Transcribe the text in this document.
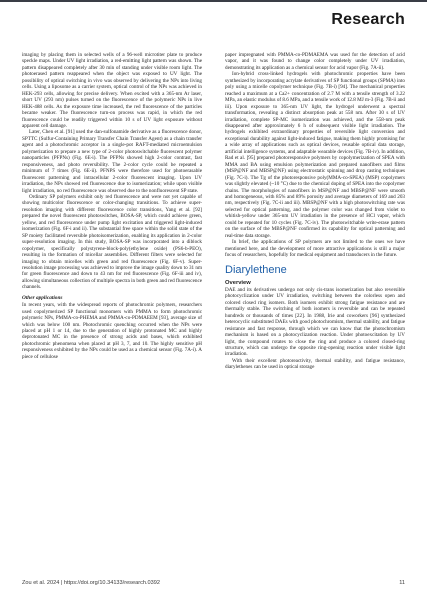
Research

imaging by placing them in selected wells of a 96-well microtiter plate to produce speckle maps. Under UV light irradiation, a red-emitting light pattern was shown. The pattern disappeared completely after 30 min of standing under visible room light. The photoerased pattern reappeared when the object was exposed to UV light. The possibility of optical switching in vivo was observed by delivering the NPs into living cells. Using a liposome as a carrier system, optical control of the NPs was achieved in HEK-293 cells, allowing for precise delivery. When excited with a 365-nm Ar laser, short UV (293 nm) pulses turned on the fluorescence of the polymeric NPs in live HEK-488 cells. As the exposure time increased, the red fluorescence of the particles became weaker. The fluorescence turn-on process was rapid, in which the red fluorescence could be readily triggered within 10 s of UV light exposure without apparent cell damage.

Later, Chen et al. [91] used the dan-sulfonamide derivative as a fluorescence donor, SPTTC (Sulfur-Containing Primary Transfer Chain Transfer Agent) as a chain transfer agent and a photochromic acceptor in a single-pot RAFT-mediated microemulsion polymerization to prepare a new type of 2-color photoswitchable fluorescent polymer nanoparticles (PFPNs) (Fig. 6E-i). The PFPNs showed high 2-color contrast, fast responsiveness, and photo reversibility. The 2-color cycle could be repeated a minimum of 7 times (Fig. 6E-ii). PFNPS were therefore used for photoerasable fluorescent patterning and intracellular 2-color fluorescent imaging. Upon UV irradiation, the NPs showed red fluorescence due to isomerization; while upon visible light irradiation, no red fluorescence was observed due to the nonfluorescent SP state.

Ordinary SP polymers exhibit only red fluorescence and were not yet capable of showing multicolor fluorescence or color-changing transitions. To achieve super-resolution imaging with different fluorescence color transitions, Yang et al. [92] prepared the novel fluorescent photoswitches, BOSA-SP, which could achieve green, yellow, and red fluorescence under pump light excitation and triggered light-induced isomerization (Fig. 6F-i and ii). The substantial free space within the solid state of the SP moiety facilitated reversible photoisomerization, enabling its application in 2-color super-resolution imaging. In this study, BOSA-SP was incorporated into a diblock copolymer, specifically polystyrene-block-poly(ethylene oxide) (PS6-b-PEO), resulting in the formation of micellar assemblies. Different filters were selected for imaging to obtain micelles with green and red fluorescence (Fig. 6F-v). Super-resolution image processing was achieved to improve the image quality down to 31 nm for green fluorescence and down to 43 nm for red fluorescence (Fig. 6F-iii and iv), allowing simultaneous collection of multiple spectra in both green and red fluorescence channels.

Other applications

In recent years, with the widespread reports of photochromic polymers, researchers used copolymerized SP functional monomers with PMMA to form photochromic polymeric NPs, PMMA-co-PHEMA and PMMA-co-PDMAEEM [93], average size of which was below 100 nm. Photochromic quenching occurred when the NPs were placed at pH 1 or 14, due to the generation of highly protonated MC and highly deprotonated MC in the presence of strong acids and bases, which exhibited photochromic phenomena when placed at pH 3, 7, and 10. The highly sensitive pH responsiveness exhibited by the NPs could be used as a chemical sensor (Fig. 7A-i). A piece of cellulose

paper impregnated with PMMA-co-PDMAEMA was used for the detection of acid vapor, and it was found to change color completely under UV irradiation, demonstrating its application as a chemical sensor for acid vapor (Fig. 7A-ii).

Ion-hybrid cross-linked hydrogels with photochromic properties have been synthesized by incorporating acrylate derivatives of SP functional groups (SPMA) into poly using a micelle copolymer technique (Fig. 7B-i) [94]. The mechanical properties reached a maximum at a Ca2+ concentration of 2.7 M with a tensile strength of 3.22 MPa, an elastic modulus of 8.6 MPa, and a tensile work of 12.8 MJ m-3 (Fig. 7B-ii and iii). Upon exposure to 365-nm UV light, the hydrogel underwent a spectral transformation, revealing a distinct absorption peak at 558 nm. After 30 s of UV irradiation, complete SP-MC isomerization was achieved, and the 558-nm peak disappeared after approximately 6 h of subsequent visible light irradiation. The hydrogels exhibited extraordinary properties of reversible light conversion and exceptional durability against light-induced fatigue, making them highly promising for a wide array of applications such as optical devices, reusable optical data storage, artificial intelligence systems, and adaptable wearable devices (Fig. 7B-iv). In addition, Rad et al. [95] prepared photoresponsive polymers by copolymerization of SPEA with MMA and BA using emulsion polymerization and prepared nanofibers and films (MSP@NF and MBSP@NF) using electrostatic spinning and drop casting techniques (Fig. 7C-i). The Tg of the photoresponsive poly(MMA-co-SPEA) (MSP) copolymers was slightly elevated (~10 °C) due to the chemical doping of SPEA into the copolymer chains. The morphologies of nanofibers in MSP@NF and MBSP@NF were smooth and homogeneous, with 85% and 89% porosity and average diameters of 169 and 203 nm, respectively (Fig. 7C-ii and iii). MBSP@NF with a high photoswitching rate was selected for optical patterning, and the polymer color was changed from violet to whitish-yellow under 365-nm UV irradiation in the presence of HCl vapor, which could be repeated for 10 cycles (Fig. 7C-iv). The photoswitchable write-erase pattern on the surface of the MBSP@NF confirmed its capability for optical patterning and real-time data storage.

In brief, the applications of SP polymers are not limited to the ones we have mentioned here, and the development of more attractive applications is still a major focus of researchers, hopefully for medical equipment and transducers in the future.

Diarylethene
Overview

DAE and its derivatives undergo not only cis-trans isomerization but also reversible photocyclization under UV irradiation, switching between the colorless open and colored closed ring isomers. Both isomers exhibit strong fatigue resistance and are thermally stable. The switching of both isomers is reversible and can be repeated hundreds or thousands of times [22]. In 1988, Irie and coworkers [96] synthesized heterocyclic substituted DAEs with good photochromism, thermal stability, and fatigue resistance and fast response, through which we can know that the photochromism mechanism is based on a photocyclization reaction. Under photoexcitation by UV light, the compound rotates to close the ring and produce a colored closed-ring structure, which can undergo the opposite ring-opening reaction under visible light irradiation.

With their excellent photoreactivity, thermal stability, and fatigue resistance, diarylethenes can be used in optical storage

Zou et al. 2024 | https://doi.org/10.34133/research.0392	11
